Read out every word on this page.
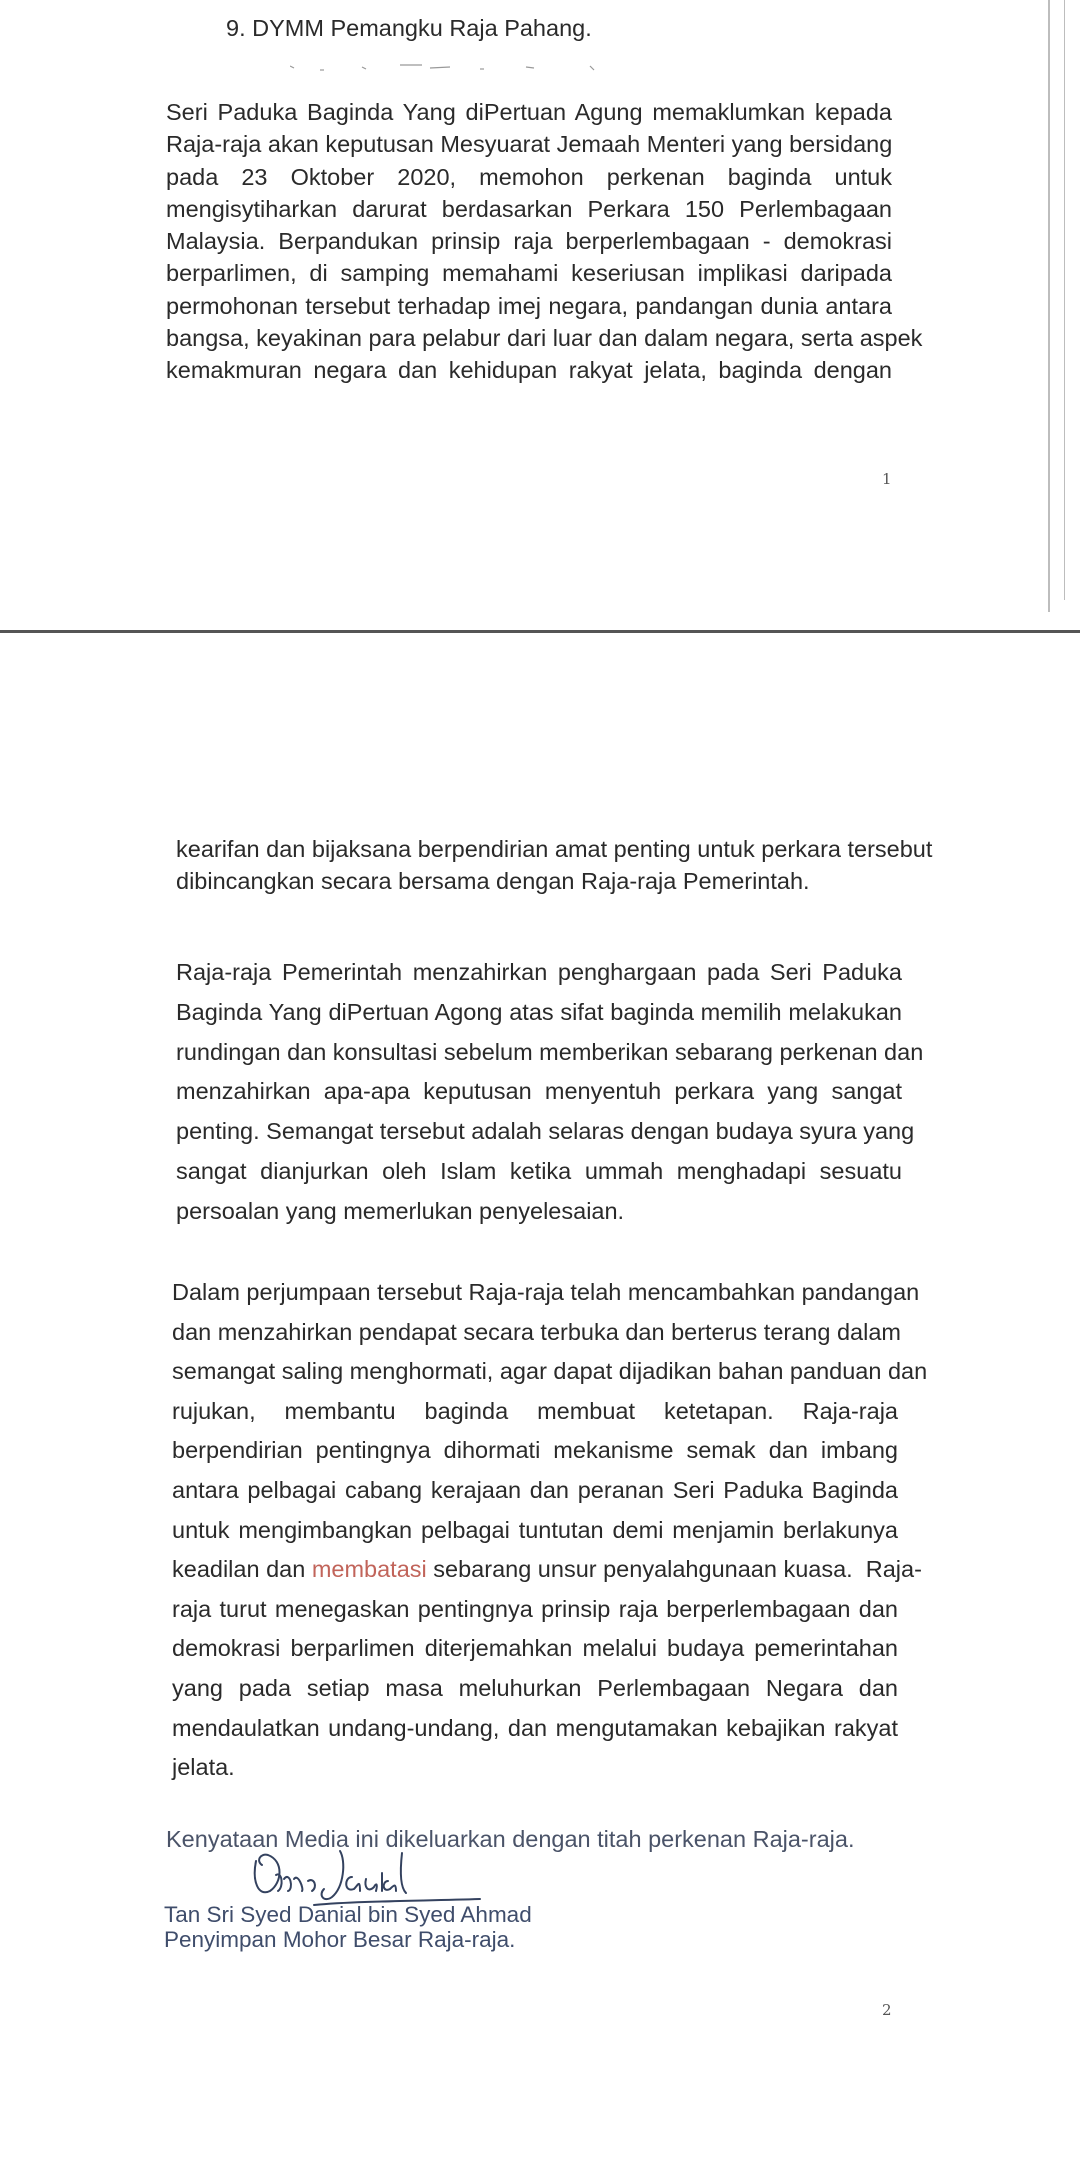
9. DYMM Pemangku Raja Pahang.

Seri Paduka Baginda Yang diPertuan Agung memaklumkan kepada
Raja-raja akan keputusan Mesyuarat Jemaah Menteri yang bersidang
pada 23 Oktober 2020, memohon perkenan baginda untuk
mengisytiharkan darurat berdasarkan Perkara 150 Perlembagaan
Malaysia. Berpandukan prinsip raja berperlembagaan - demokrasi
berparlimen, di samping memahami keseriusan implikasi daripada
permohonan tersebut terhadap imej negara, pandangan dunia antara
bangsa, keyakinan para pelabur dari luar dan dalam negara, serta aspek
kemakmuran negara dan kehidupan rakyat jelata, baginda dengan
1
kearifan dan bijaksana berpendirian amat penting untuk perkara tersebut
dibincangkan secara bersama dengan Raja-raja Pemerintah.
Raja-raja Pemerintah menzahirkan penghargaan pada Seri Paduka
Baginda Yang diPertuan Agong atas sifat baginda memilih melakukan
rundingan dan konsultasi sebelum memberikan sebarang perkenan dan
menzahirkan apa-apa keputusan menyentuh perkara yang sangat
penting. Semangat tersebut adalah selaras dengan budaya syura yang
sangat dianjurkan oleh Islam ketika ummah menghadapi sesuatu
persoalan yang memerlukan penyelesaian.
Dalam perjumpaan tersebut Raja-raja telah mencambahkan pandangan
dan menzahirkan pendapat secara terbuka dan berterus terang dalam
semangat saling menghormati, agar dapat dijadikan bahan panduan dan
rujukan, membantu baginda membuat ketetapan. Raja-raja
berpendirian pentingnya dihormati mekanisme semak dan imbang
antara pelbagai cabang kerajaan dan peranan Seri Paduka Baginda
untuk mengimbangkan pelbagai tuntutan demi menjamin berlakunya
keadilan dan membatasi sebarang unsur penyalahgunaan kuasa.  Raja-
raja turut menegaskan pentingnya prinsip raja berperlembagaan dan
demokrasi berparlimen diterjemahkan melalui budaya pemerintahan
yang pada setiap masa meluhurkan Perlembagaan Negara dan
mendaulatkan undang-undang, dan mengutamakan kebajikan rakyat
jelata.

Kenyataan Media ini dikeluarkan dengan titah perkenan Raja-raja.

Tan Sri Syed Danial bin Syed Ahmad
Penyimpan Mohor Besar Raja-raja.
2
